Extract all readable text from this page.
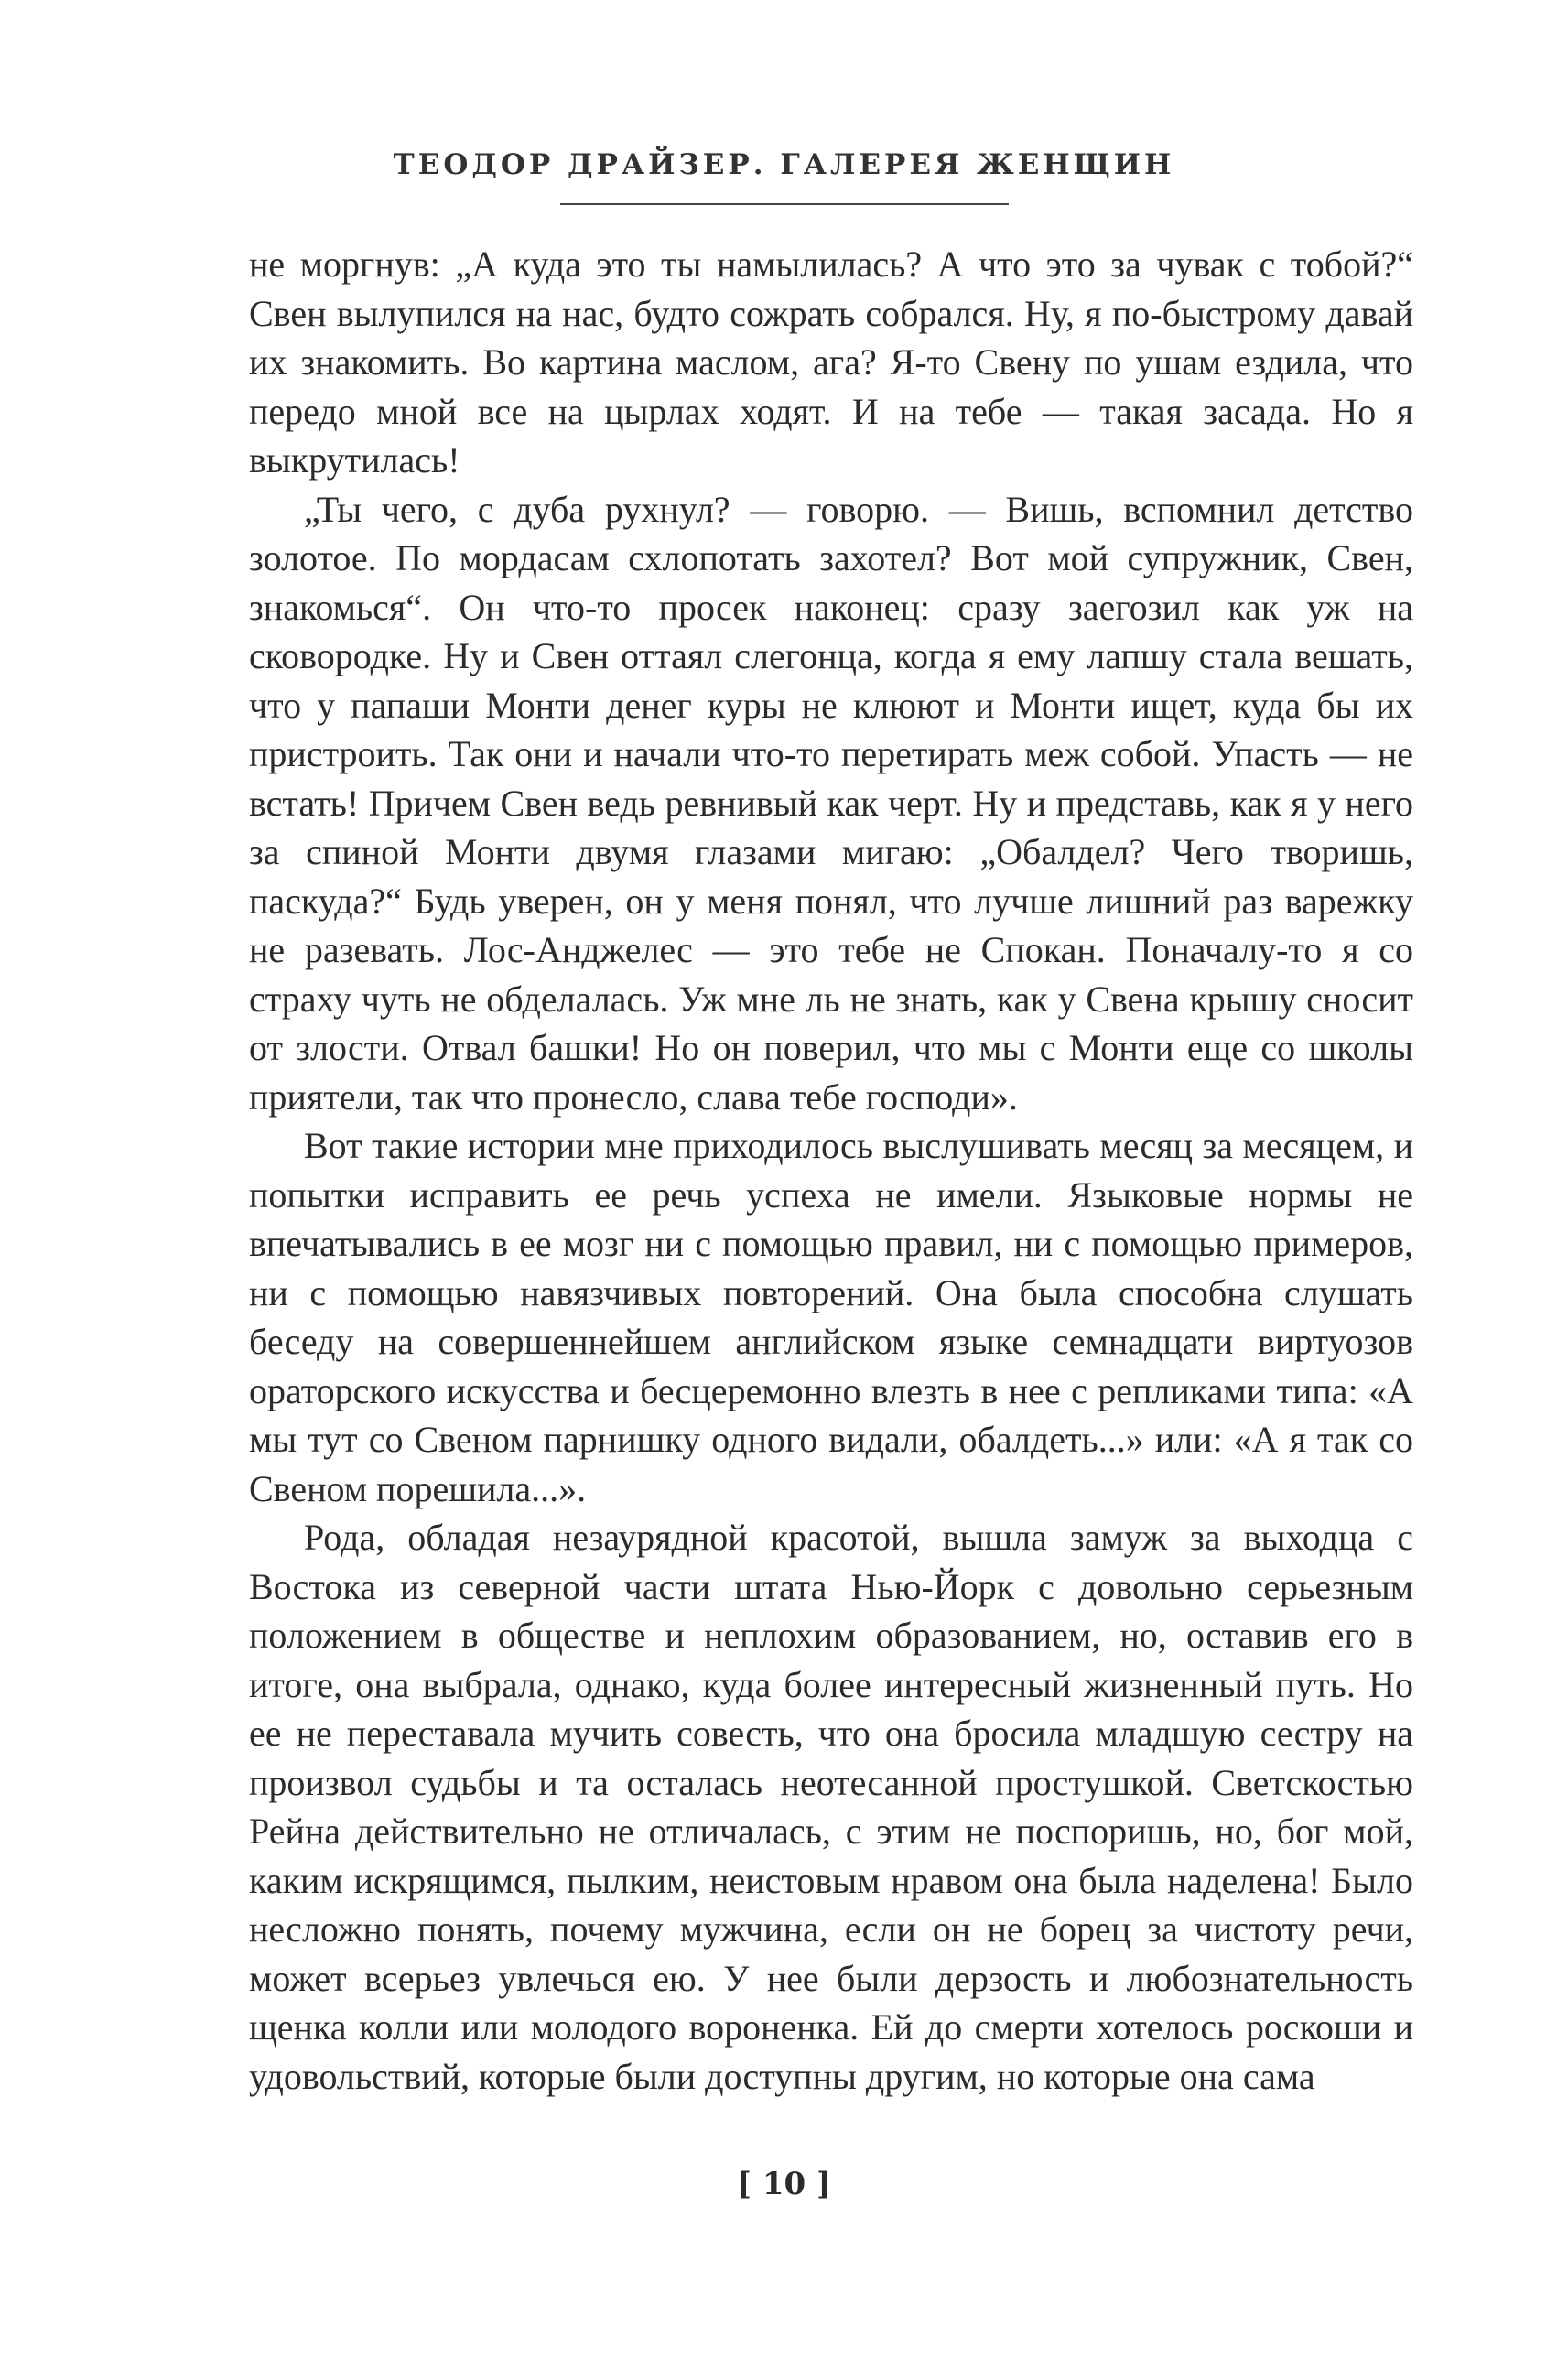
ТЕОДОР ДРАЙЗЕР. ГАЛЕРЕЯ ЖЕНЩИН

не моргнув: „А куда это ты намылилась? А что это за чувак с тобой?“ Свен вылупился на нас, будто сожрать собрался. Ну, я по-быстрому давай их знакомить. Во картина маслом, ага? Я-то Свену по ушам ездила, что передо мной все на цырлах ходят. И на тебе — такая засада. Но я выкрутилась!

„Ты чего, с дуба рухнул? — говорю. — Вишь, вспомнил детство золотое. По мордасам схлопотать захотел? Вот мой супружник, Свен, знакомься“. Он что-то просек наконец: сразу заегозил как уж на сковородке. Ну и Свен оттаял слегонца, когда я ему лапшу стала вешать, что у папаши Монти денег куры не клюют и Монти ищет, куда бы их пристроить. Так они и начали что-то перетирать меж собой. Упасть — не встать! Причем Свен ведь ревнивый как черт. Ну и представь, как я у него за спиной Монти двумя глазами мигаю: „Обалдел? Чего творишь, паскуда?“ Будь уверен, он у меня понял, что лучше лишний раз варежку не разевать. Лос-Анджелес — это тебе не Спокан. Поначалу-то я со страху чуть не обделалась. Уж мне ль не знать, как у Свена крышу сносит от злости. Отвал башки! Но он поверил, что мы с Монти еще со школы приятели, так что пронесло, слава тебе господи».

Вот такие истории мне приходилось выслушивать месяц за месяцем, и попытки исправить ее речь успеха не имели. Языковые нормы не впечатывались в ее мозг ни с помощью правил, ни с помощью примеров, ни с помощью навязчивых повторений. Она была способна слушать беседу на совершеннейшем английском языке семнадцати виртуозов ораторского искусства и бесцеремонно влезть в нее с репликами типа: «А мы тут со Свеном парнишку одного видали, обалдеть...» или: «А я так со Свеном порешила...».

Рода, обладая незаурядной красотой, вышла замуж за выходца с Востока из северной части штата Нью-Йорк с довольно серьезным положением в обществе и неплохим образованием, но, оставив его в итоге, она выбрала, однако, куда более интересный жизненный путь. Но ее не переставала мучить совесть, что она бросила младшую сестру на произвол судьбы и та осталась неотесанной простушкой. Светскостью Рейна действительно не отличалась, с этим не поспоришь, но, бог мой, каким искрящимся, пылким, неистовым нравом она была наделена! Было несложно понять, почему мужчина, если он не борец за чистоту речи, может всерьез увлечься ею. У нее были дерзость и любознательность щенка колли или молодого вороненка. Ей до смерти хотелось роскоши и удовольствий, которые были доступны другим, но которые она сама

[ 10 ]
